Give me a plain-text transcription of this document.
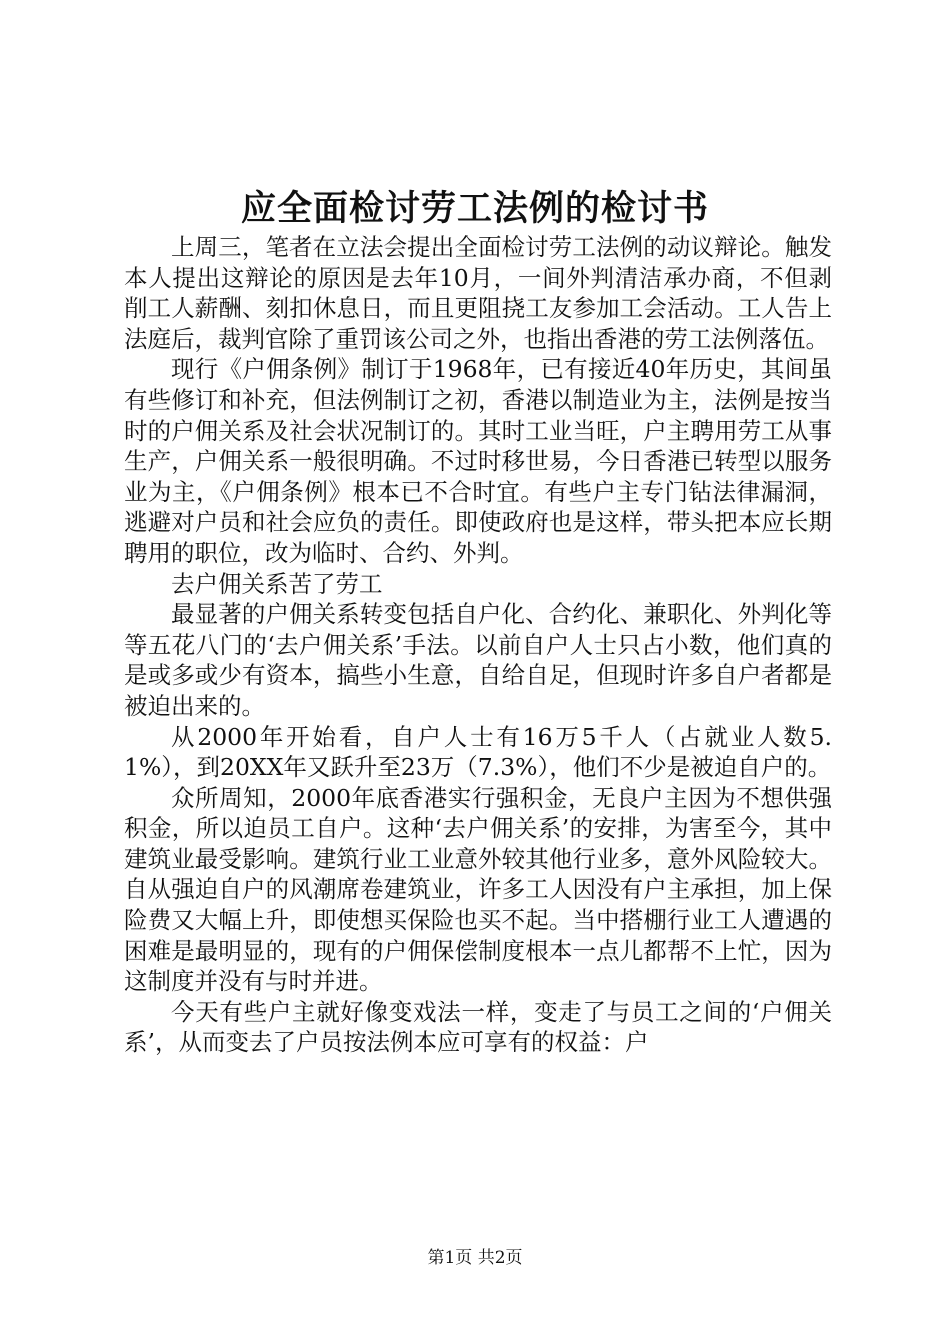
应全面检讨劳工法例的检讨书

上周三，笔者在立法会提出全面检讨劳工法例的动议辩论。触发本人提出这辩论的原因是去年10月，一间外判清洁承办商，不但剥削工人薪酬、刻扣休息日，而且更阻挠工友参加工会活动。工人告上法庭后，裁判官除了重罚该公司之外，也指出香港的劳工法例落伍。

现行《户佣条例》制订于1968年，已有接近40年历史，其间虽有些修订和补充，但法例制订之初，香港以制造业为主，法例是按当时的户佣关系及社会状况制订的。其时工业当旺，户主聘用劳工从事生产，户佣关系一般很明确。不过时移世易，今日香港已转型以服务业为主，《户佣条例》根本已不合时宜。有些户主专门钻法律漏洞，逃避对户员和社会应负的责任。即使政府也是这样，带头把本应长期聘用的职位，改为临时、合约、外判。

去户佣关系苦了劳工

最显著的户佣关系转变包括自户化、合约化、兼职化、外判化等等五花八门的‘去户佣关系’手法。以前自户人士只占小数，他们真的是或多或少有资本，搞些小生意，自给自足，但现时许多自户者都是被迫出来的。

从2000年开始看，自户人士有16万5千人（占就业人数5.1%），到20XX年又跃升至23万（7.3%），他们不少是被迫自户的。

众所周知，2000年底香港实行强积金，无良户主因为不想供强积金，所以迫员工自户。这种‘去户佣关系’的安排，为害至今，其中建筑业最受影响。建筑行业工业意外较其他行业多，意外风险较大。自从强迫自户的风潮席卷建筑业，许多工人因没有户主承担，加上保险费又大幅上升，即使想买保险也买不起。当中搭棚行业工人遭遇的困难是最明显的，现有的户佣保偿制度根本一点儿都帮不上忙，因为这制度并没有与时并进。

今天有些户主就好像变戏法一样，变走了与员工之间的‘户佣关系’，从而变去了户员按法例本应可享有的权益：户

第1页 共2页
